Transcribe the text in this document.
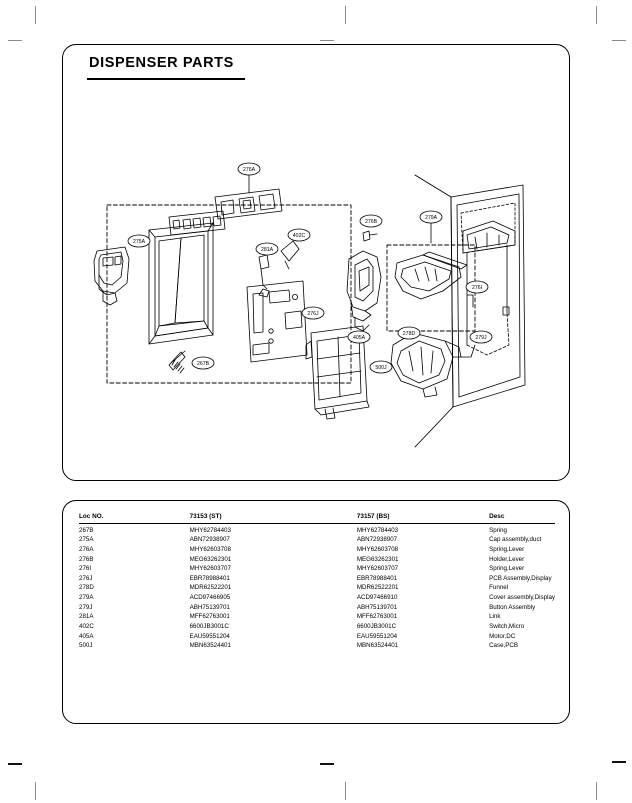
DISPENSER PARTS
276A
275A
402C
281A
276J
500J
267B
276B
279A
405A
278D
276I
279J
Loc NO.	73153 (ST)	73157 (BS)	Desc
267B	MHY62784403	MHY62784403	Spring
275A	ABN72938907	ABN72938907	Cap assembly,duct
276A	MHY62603708	MHY62603708	Spring,Lever
276B	MEG63262301	MEG63262301	Holder,Lever
276I	MHY62603707	MHY62603707	Spring,Lever
276J	EBR78988401	EBR78988401	PCB Assembly,Display
278D	MDR62522201	MDR62522201	Funnel
279A	ACD97466905	ACD97466910	Cover assembly,Display
279J	ABH75139701	ABH75139701	Button Assembly
281A	MFF62763001	MFF62763001	Link
402C	6600JB3001C	6600JB3001C	Switch,Micro
405A	EAU59551204	EAU59551204	Motor,DC
500J	MBN63524401	MBN63524401	Case,PCB
